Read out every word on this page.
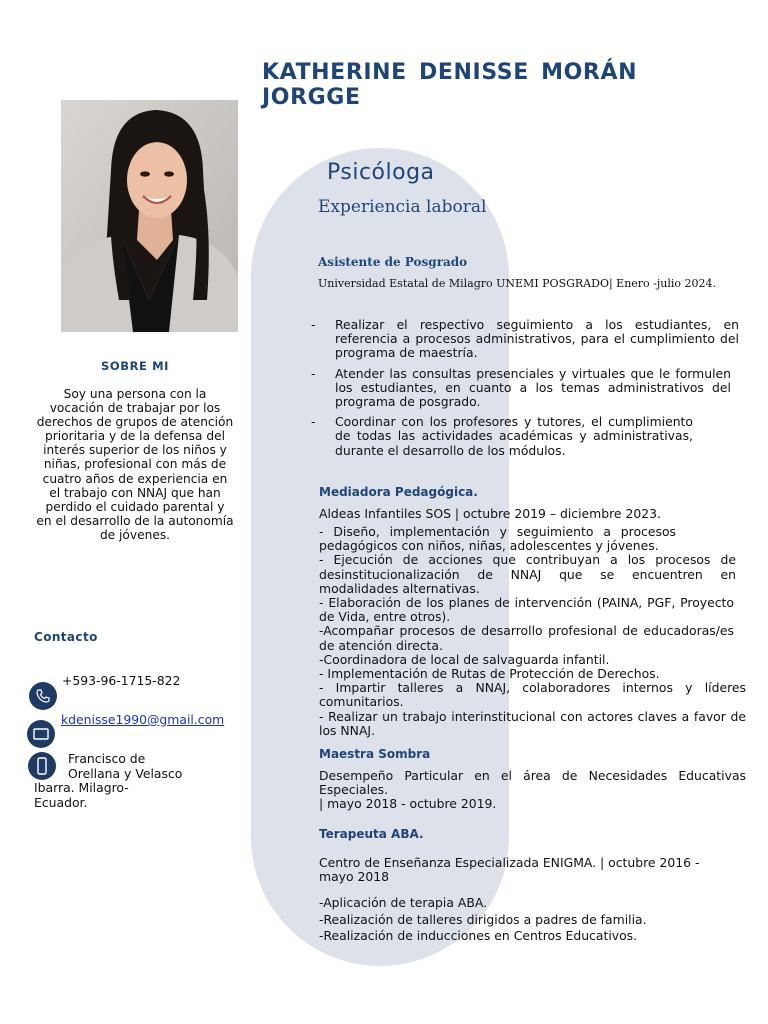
KATHERINE DENISSE MORÁN JORGGE
Psicóloga
Experiencia laboral
Asistente de Posgrado
Universidad Estatal de Milagro UNEMI POSGRADO| Enero -julio 2024.
- Realizar el respectivo seguimiento a los estudiantes, en referencia a procesos administrativos, para el cumplimiento del programa de maestría.
- Atender las consultas presenciales y virtuales que le formulen los estudiantes, en cuanto a los temas administrativos del programa de posgrado.
- Coordinar con los profesores y tutores, el cumplimiento de todas las actividades académicas y administrativas, durante el desarrollo de los módulos.
Mediadora Pedagógica.
Aldeas Infantiles SOS | octubre 2019 – diciembre 2023.
- Diseño, implementación y seguimiento a procesos pedagógicos con niños, niñas, adolescentes y jóvenes.
- Ejecución de acciones que contribuyan a los procesos de desinstitucionalización de NNAJ que se encuentren en modalidades alternativas.
- Elaboración de los planes de intervención (PAINA, PGF, Proyecto de Vida, entre otros).
-Acompañar procesos de desarrollo profesional de educadoras/es de atención directa.
-Coordinadora de local de salvaguarda infantil.
- Implementación de Rutas de Protección de Derechos.
- Impartir talleres a NNAJ, colaboradores internos y líderes comunitarios.
- Realizar un trabajo interinstitucional con actores claves a favor de los NNAJ.
Maestra Sombra
Desempeño Particular en el área de Necesidades Educativas Especiales.
| mayo 2018 - octubre 2019.
Terapeuta ABA.
Centro de Enseñanza Especializada ENIGMA. | octubre 2016 - mayo 2018
-Aplicación de terapia ABA.
-Realización de talleres dirigidos a padres de familia.
-Realización de inducciones en Centros Educativos.
SOBRE MI
Soy una persona con la vocación de trabajar por los derechos de grupos de atención prioritaria y de la defensa del interés superior de los niños y niñas, profesional con más de cuatro años de experiencia en el trabajo con NNAJ que han perdido el cuidado parental y en el desarrollo de la autonomía de jóvenes.
Contacto
+593-96-1715-822
kdenisse1990@gmail.com
Francisco de
Orellana y Velasco
Ibarra. Milagro-
Ecuador.
